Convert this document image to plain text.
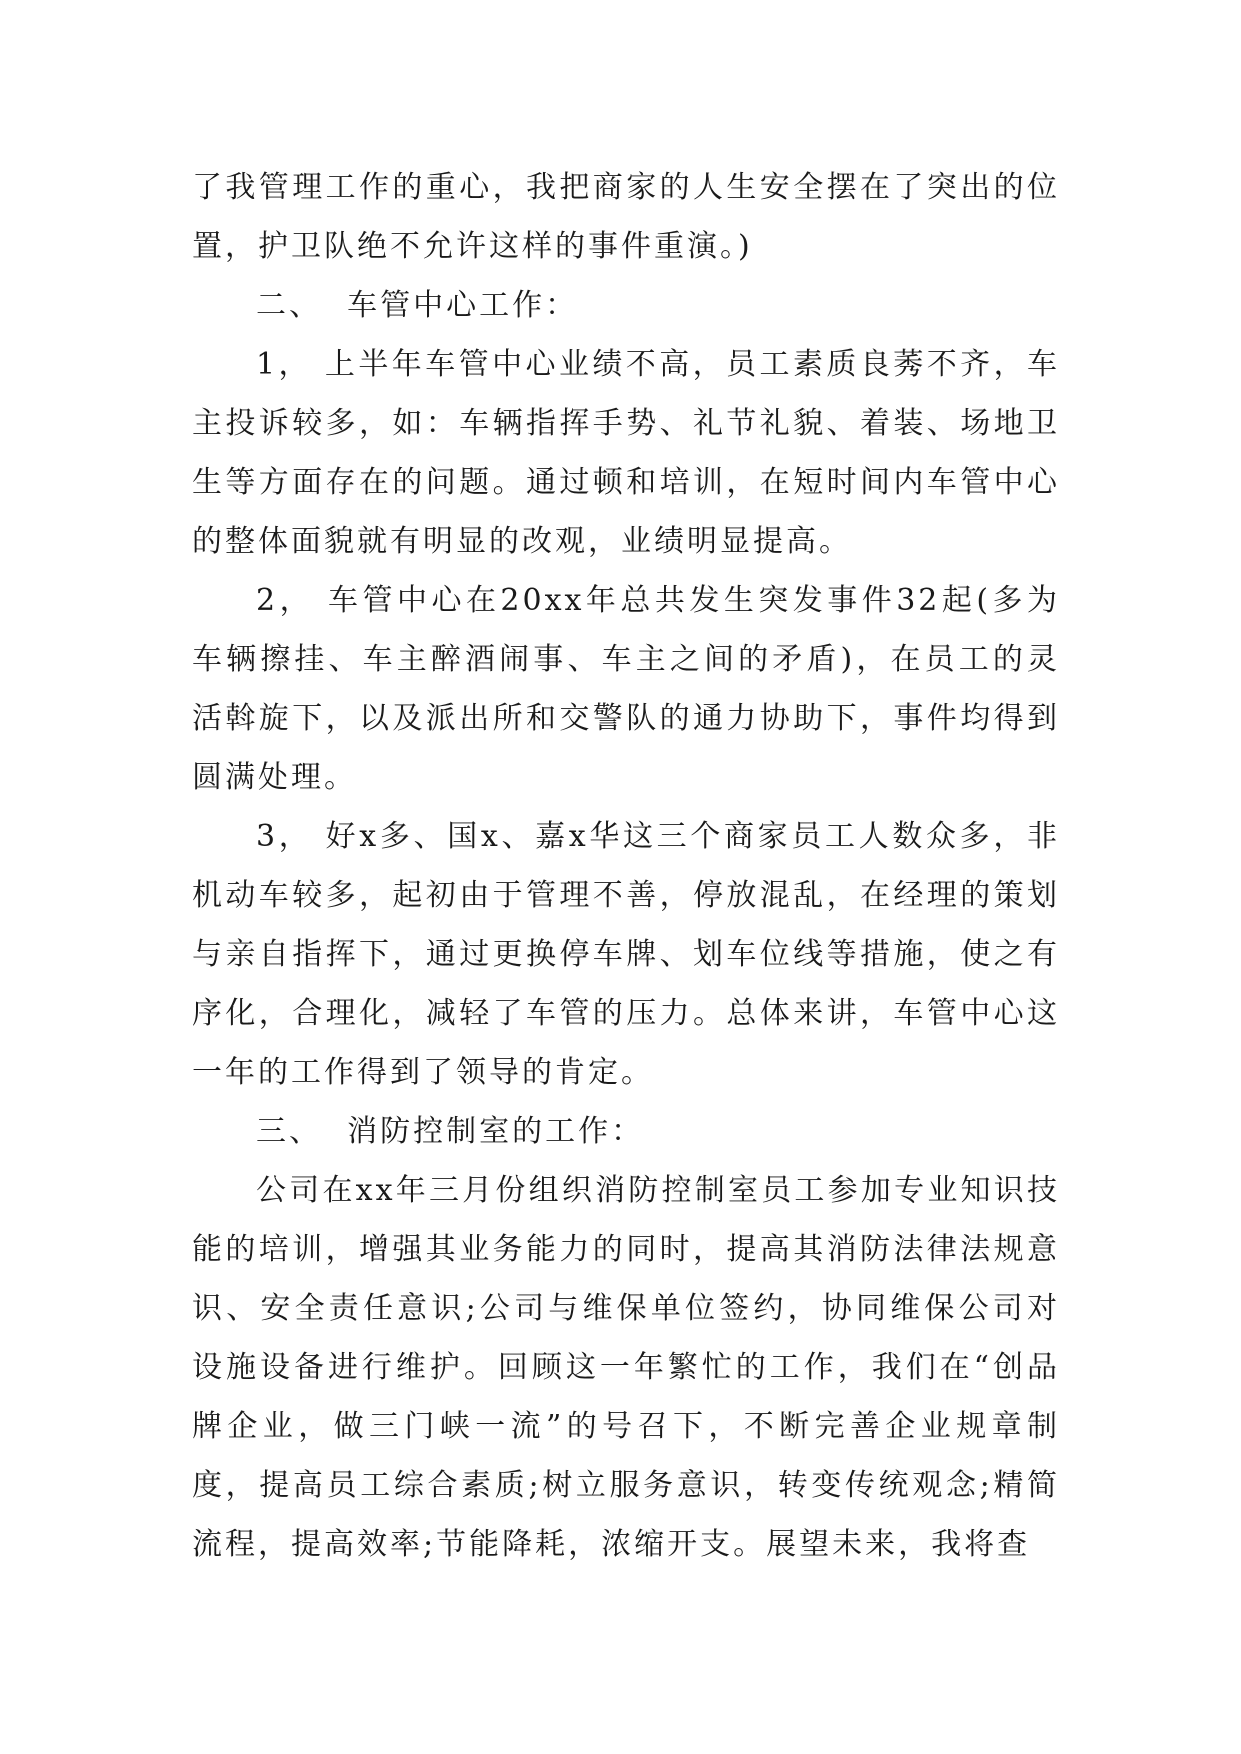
了我管理工作的重心，我把商家的人生安全摆在了突出的位置，护卫队绝不允许这样的事件重演。)

二、  车管中心工作：

1， 上半年车管中心业绩不高，员工素质良莠不齐，车主投诉较多，如：车辆指挥手势、礼节礼貌、着装、场地卫生等方面存在的问题。通过顿和培训，在短时间内车管中心的整体面貌就有明显的改观，业绩明显提高。

2， 车管中心在20xx年总共发生突发事件32起(多为车辆擦挂、车主醉酒闹事、车主之间的矛盾)，在员工的灵活斡旋下，以及派出所和交警队的通力协助下，事件均得到圆满处理。

3， 好x多、国x、嘉x华这三个商家员工人数众多，非机动车较多，起初由于管理不善，停放混乱，在经理的策划与亲自指挥下，通过更换停车牌、划车位线等措施，使之有序化，合理化，减轻了车管的压力。总体来讲，车管中心这一年的工作得到了领导的肯定。

三、  消防控制室的工作：

公司在xx年三月份组织消防控制室员工参加专业知识技能的培训，增强其业务能力的同时，提高其消防法律法规意识、安全责任意识;公司与维保单位签约，协同维保公司对设施设备进行维护。回顾这一年繁忙的工作，我们在“创品牌企业，做三门峡一流”的号召下，不断完善企业规章制度，提高员工综合素质;树立服务意识，转变传统观念;精简流程，提高效率;节能降耗，浓缩开支。展望未来，我将查
